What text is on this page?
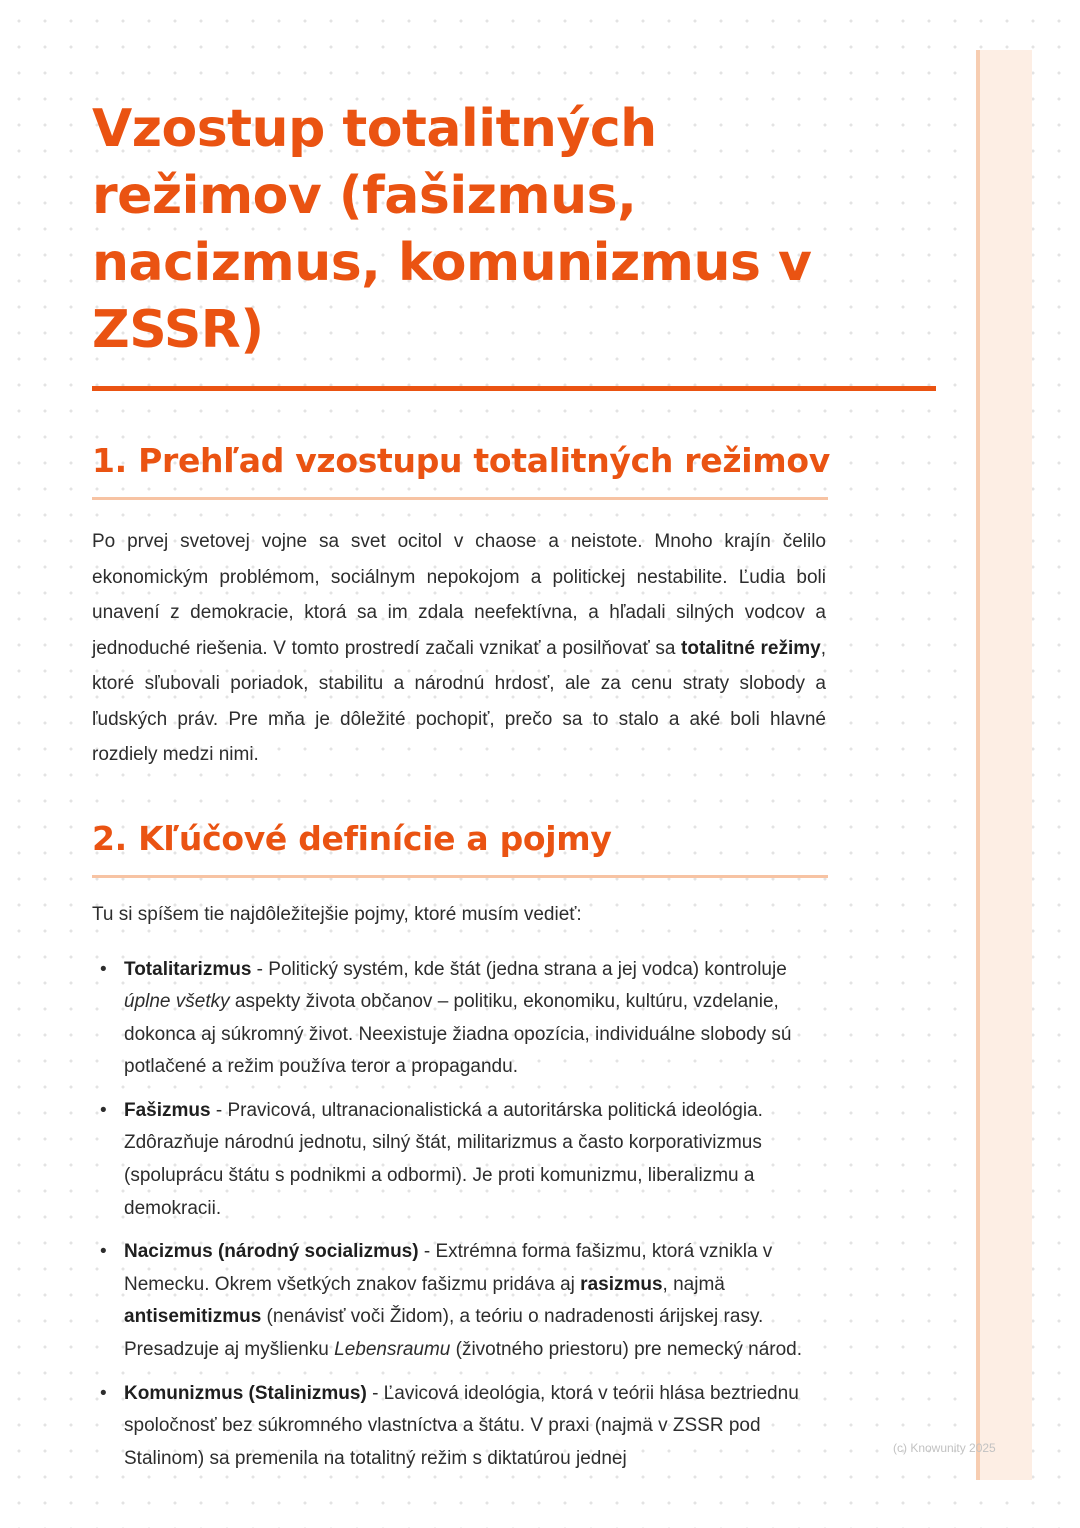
Vzostup totalitných režimov (fašizmus, nacizmus, komunizmus v ZSSR)
1. Prehľad vzostupu totalitných režimov

Po prvej svetovej vojne sa svet ocitol v chaose a neistote. Mnoho krajín čelilo ekonomickým problémom, sociálnym nepokojom a politickej nestabilite. Ľudia boli unavení z demokracie, ktorá sa im zdala neefektívna, a hľadali silných vodcov a jednoduché riešenia. V tomto prostredí začali vznikať a posilňovať sa totalitné režimy, ktoré sľubovali poriadok, stabilitu a národnú hrdosť, ale za cenu straty slobody a ľudských práv. Pre mňa je dôležité pochopiť, prečo sa to stalo a aké boli hlavné rozdiely medzi nimi.

2. Kľúčové definície a pojmy
Tu si spíšem tie najdôležitejšie pojmy, ktoré musím vedieť:
• Totalitarizmus - Politický systém, kde štát (jedna strana a jej vodca) kontroluje úplne všetky aspekty života občanov – politiku, ekonomiku, kultúru, vzdelanie, dokonca aj súkromný život. Neexistuje žiadna opozícia, individuálne slobody sú potlačené a režim používa teror a propagandu.
• Fašizmus - Pravicová, ultranacionalistická a autoritárska politická ideológia. Zdôrazňuje národnú jednotu, silný štát, militarizmus a často korporativizmus (spoluprácu štátu s podnikmi a odbormi). Je proti komunizmu, liberalizmu a demokracii.
• Nacizmus (národný socializmus) - Extrémna forma fašizmu, ktorá vznikla v Nemecku. Okrem všetkých znakov fašizmu pridáva aj rasizmus, najmä antisemitizmus (nenávisť voči Židom), a teóriu o nadradenosti árijskej rasy. Presadzuje aj myšlienku Lebensraumu (životného priestoru) pre nemecký národ.
• Komunizmus (Stalinizmus) - Ľavicová ideológia, ktorá v teórii hlása beztriednu spoločnosť bez súkromného vlastníctva a štátu. V praxi (najmä v ZSSR pod Stalinom) sa premenila na totalitný režim s diktatúrou jednej	(c) Knowunity 2025
